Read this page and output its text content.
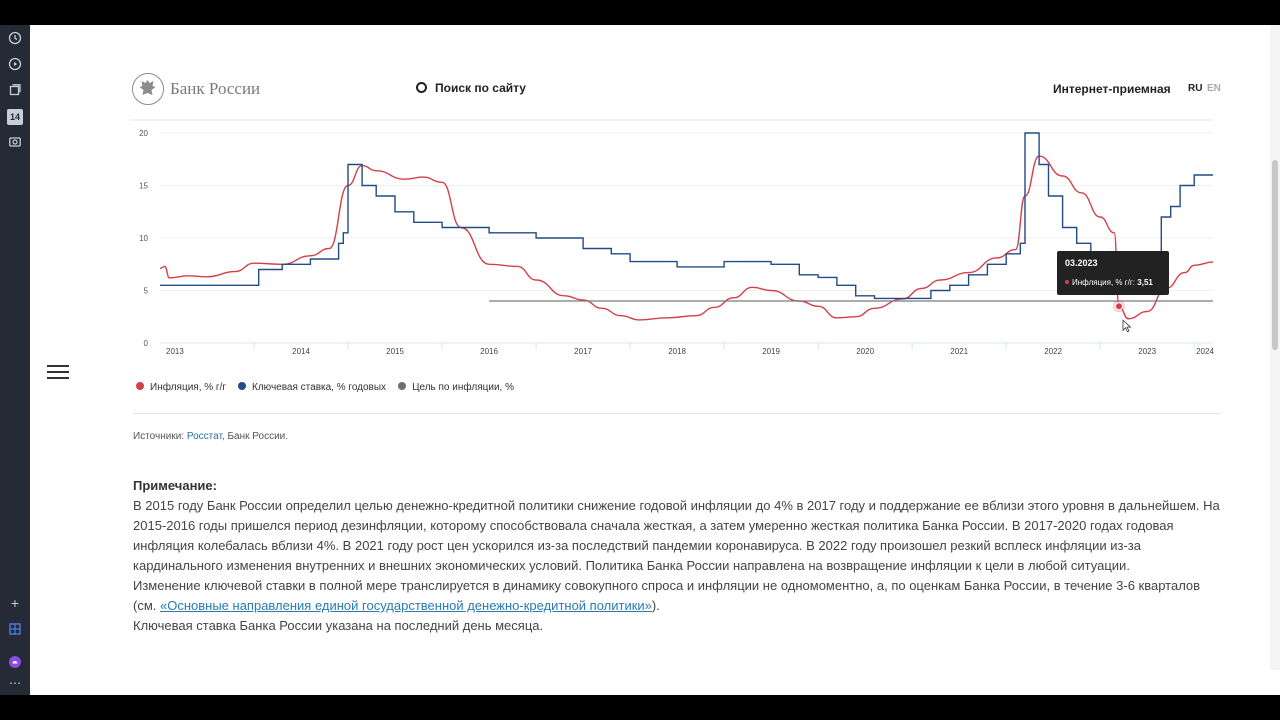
14
+
⋯
Банк России	Поиск по сайту	Интернет-приемная RU EN
0
5
10
15
20
2013	2014	2015	2016	2017	2018	2019	2020	2021	2022	2023	2024
03.2023
Инфляция, % г/г: 3,51
Инфляция, % г/г	Ключевая ставка, % годовых	Цель по инфляции, %
Источники: Росстат, Банк России.
Примечание:
В 2015 году Банк России определил целью денежно-кредитной политики снижение годовой инфляции до 4% в 2017 году и поддержание ее вблизи этого уровня в дальнейшем. На 2015-2016 годы пришелся период дезинфляции, которому способствовала сначала жесткая, а затем умеренно жесткая политика Банка России. В 2017-2020 годах годовая инфляция колебалась вблизи 4%. В 2021 году рост цен ускорился из-за последствий пандемии коронавируса. В 2022 году произошел резкий всплеск инфляции из-за кардинального изменения внутренних и внешних экономических условий. Политика Банка России направлена на возвращение инфляции к цели в любой ситуации.
Изменение ключевой ставки в полной мере транслируется в динамику совокупного спроса и инфляции не одномоментно, а, по оценкам Банка России, в течение 3-6 кварталов (см. «Основные направления единой государственной денежно-кредитной политики»).
Ключевая ставка Банка России указана на последний день месяца.
